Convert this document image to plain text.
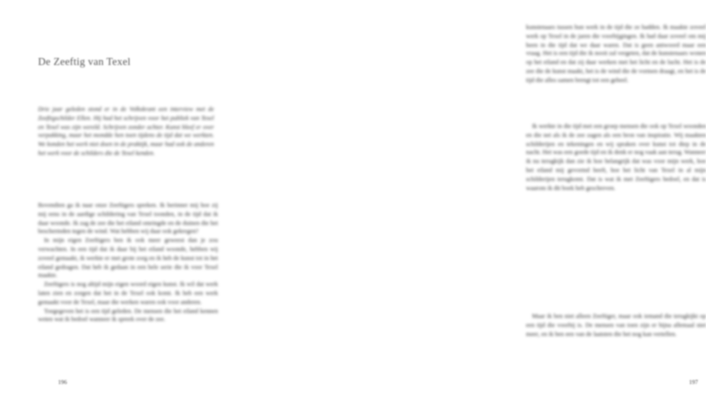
De Zeeftig van Texel

Drie jaar geleden stond er in de Volkskrant een interview met de Zeeftigschilder Ellen. Hij had het schrijven voor het publiek van Texel en Texel was zijn wereld. Schrijven zonder achter. Kunst bleef er over verpakking, maar het mondde hen toen tijdens de tijd dat we werkten. We konden het werk niet doen in de praktijk, maar had ook de anderen het werk voor de schilders die de Texel kenden.

Bovendien ga ik naar onze Zeeftigers spreken. Ik herinner mij hoe zij mij eens in de aardige schildering van Texel toonden, in de tijd dat ik daar woonde. Ik zag de zee die het eiland omringde en de duinen die het beschermden tegen de wind. Wat hebben wij daar ook gekregen?

In mijn eigen Zeeftigers ben ik ook meer geweest dan je zou verwachten. In een tijd dat ik daar bij het eiland woonde, hebben wij zoveel gemaakt, ik werkte er met grote zorg en ik heb de kunst tot in het eiland gedragen. Dat heb ik gedaan in een hele serie die ik voor Texel maakte.

Zeeftigers is nog altijd mijn eigen woord eigen kunst. Ik wil dat werk laten zien en zorgen dat het in de Texel ook komt. Ik heb een werk gemaakt voor de Texel, maar die werken waren ook voor anderen.

Toegegeven het is een tijd geleden. De mensen die het eiland kennen weten wat ik bedoel wanneer ik spreek over de zee.

196

kunstenaars tussen hun werk in de tijd die ze hadden. Ik maakte zoveel werk op Texel in de jaren die voorbijgingen. Ik had daar zoveel om mij heen in die tijd dat we daar waren. Dat is geen antwoord maar een vraag. Het is een tijd die ik nooit zal vergeten, dat de kunstenaars wonen op het eiland en dat zij daar werken met het licht en de lucht. Het is de zee die de kunst maakt, het is de wind die de vormen draagt, en het is de tijd die alles samen brengt tot een geheel.

Ik werkte in die tijd met een groep mensen die ook op Texel woonden en die net als ik de zee zagen als een bron van inspiratie. Wij maakten schilderijen en tekeningen en wij spraken over kunst tot diep in de nacht. Het was een goede tijd en ik denk er nog vaak aan terug. Wanneer ik nu terugkijk dan zie ik hoe belangrijk dat was voor mijn werk, hoe het eiland mij gevormd heeft, hoe het licht van Texel in al mijn schilderijen terugkomt. Dat is wat ik met Zeeftigers bedoel, en dat is waarom ik dit boek heb geschreven.

Maar ik ben niet alleen Zeeftiger, maar ook iemand die terugkijkt op een tijd die voorbij is. De mensen van toen zijn er bijna allemaal niet meer, en ik ben een van de laatsten die het nog kan vertellen.

197
